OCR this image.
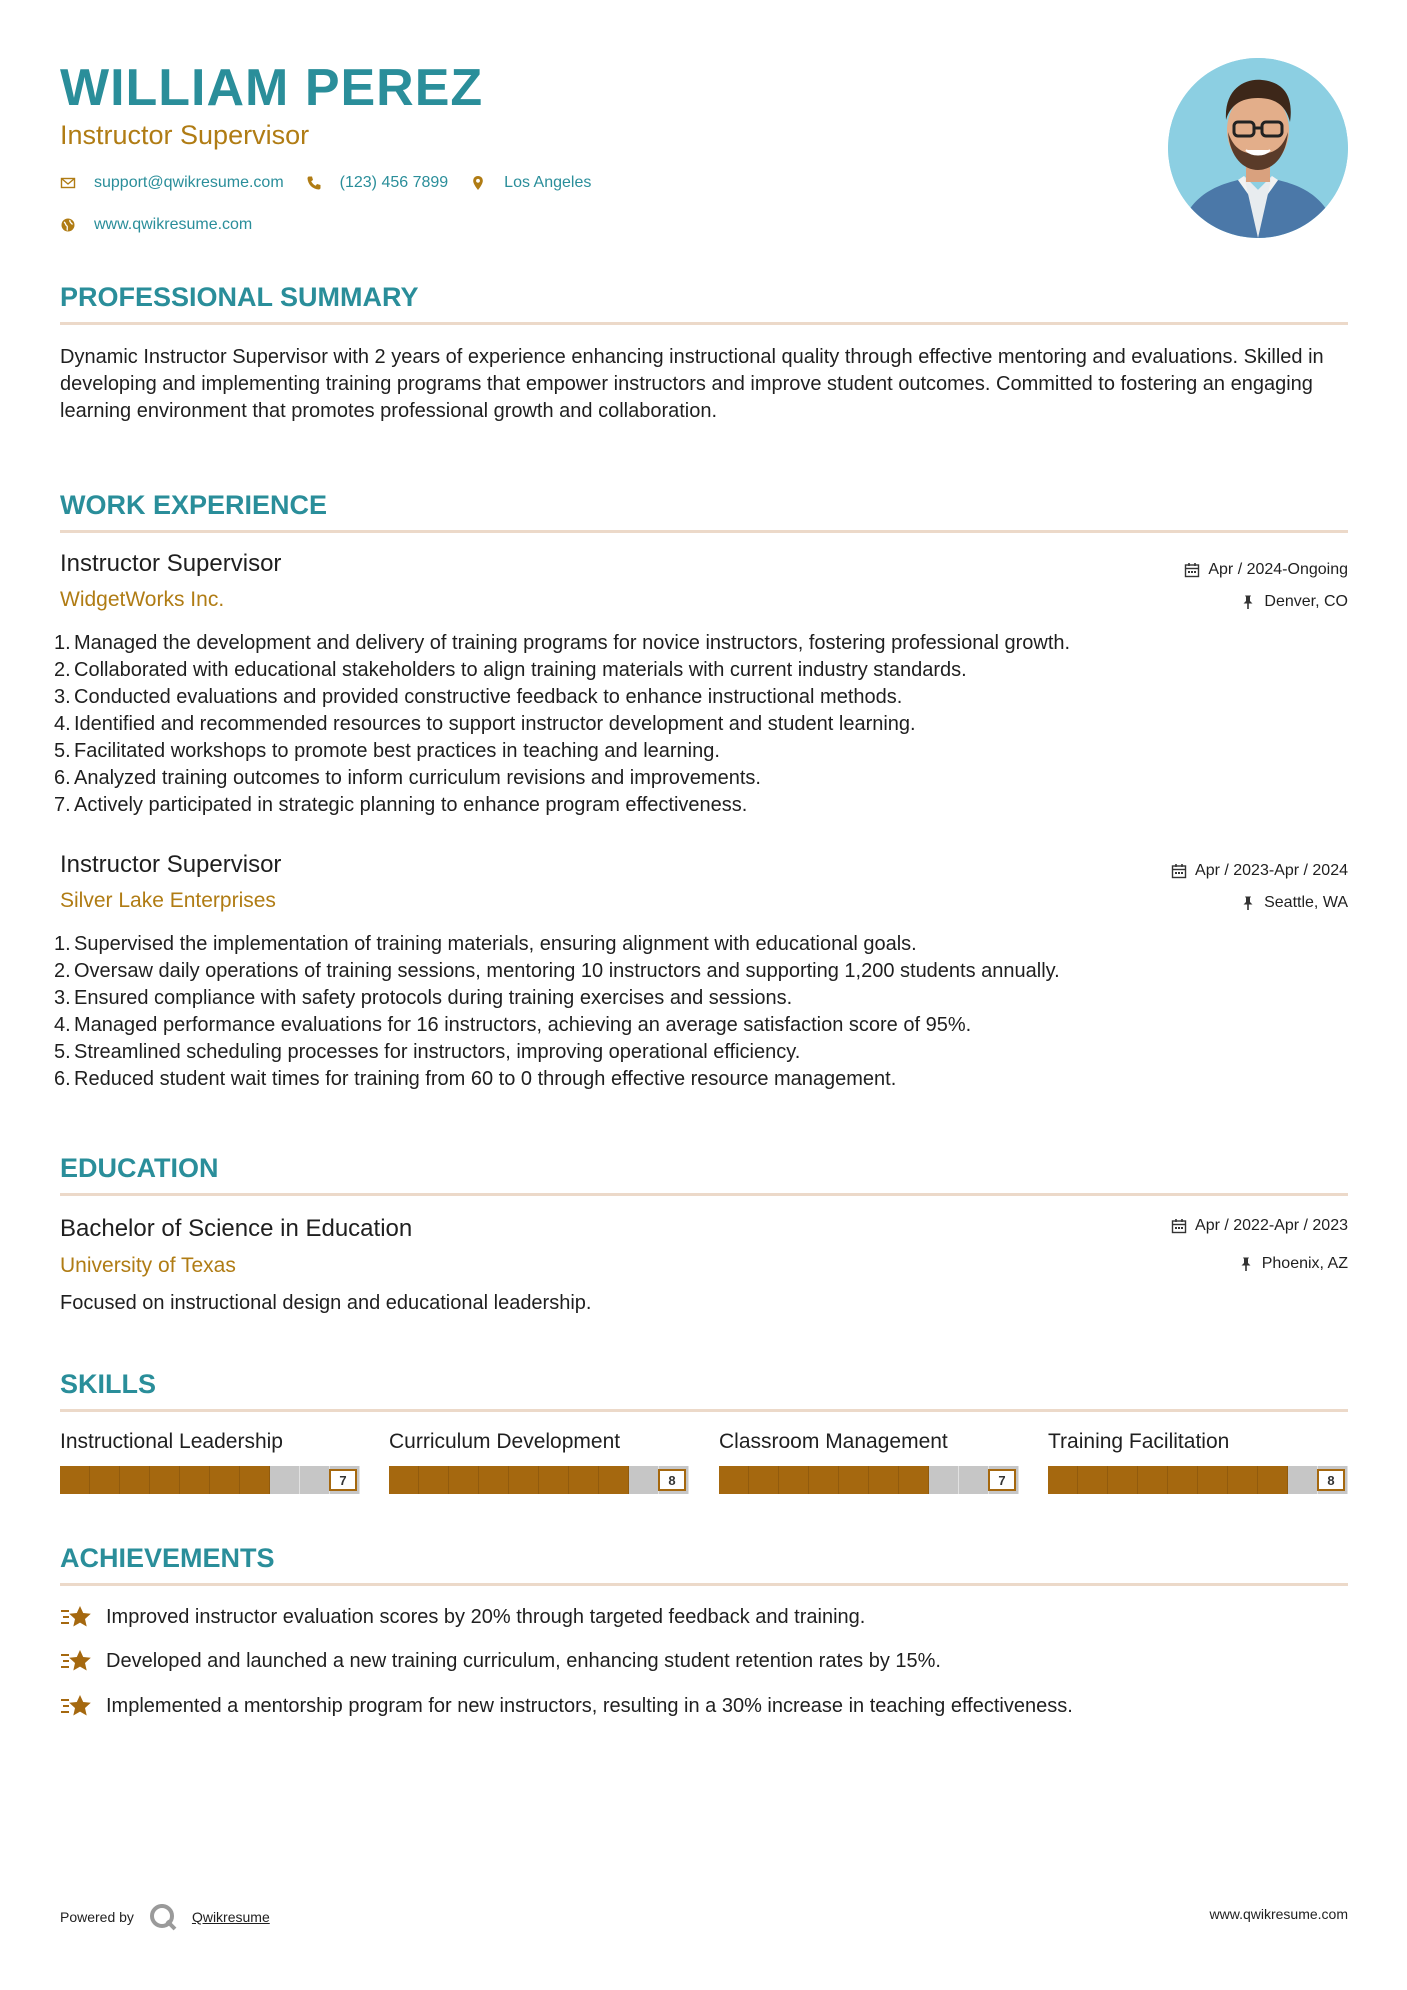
WILLIAM PEREZ
Instructor Supervisor
support@qwikresume.com	(123) 456 7899	Los Angeles
www.qwikresume.com
PROFESSIONAL SUMMARY
Dynamic Instructor Supervisor with 2 years of experience enhancing instructional quality through effective mentoring and evaluations. Skilled in developing and implementing training programs that empower instructors and improve student outcomes. Committed to fostering an engaging learning environment that promotes professional growth and collaboration.
WORK EXPERIENCE
Instructor Supervisor	Apr / 2024-Ongoing
WidgetWorks Inc.	Denver, CO
1. Managed the development and delivery of training programs for novice instructors, fostering professional growth.
2. Collaborated with educational stakeholders to align training materials with current industry standards.
3. Conducted evaluations and provided constructive feedback to enhance instructional methods.
4. Identified and recommended resources to support instructor development and student learning.
5. Facilitated workshops to promote best practices in teaching and learning.
6. Analyzed training outcomes to inform curriculum revisions and improvements.
7. Actively participated in strategic planning to enhance program effectiveness.
Instructor Supervisor	Apr / 2023-Apr / 2024
Silver Lake Enterprises	Seattle, WA
1. Supervised the implementation of training materials, ensuring alignment with educational goals.
2. Oversaw daily operations of training sessions, mentoring 10 instructors and supporting 1,200 students annually.
3. Ensured compliance with safety protocols during training exercises and sessions.
4. Managed performance evaluations for 16 instructors, achieving an average satisfaction score of 95%.
5. Streamlined scheduling processes for instructors, improving operational efficiency.
6. Reduced student wait times for training from 60 to 0 through effective resource management.
EDUCATION
Bachelor of Science in Education	Apr / 2022-Apr / 2023
University of Texas	Phoenix, AZ
Focused on instructional design and educational leadership.
SKILLS
Instructional Leadership
7
Curriculum Development
8
Classroom Management
7
Training Facilitation
8
ACHIEVEMENTS
Improved instructor evaluation scores by 20% through targeted feedback and training.
Developed and launched a new training curriculum, enhancing student retention rates by 15%.
Implemented a mentorship program for new instructors, resulting in a 30% increase in teaching effectiveness.
Powered by	Qwikresume	www.qwikresume.com
